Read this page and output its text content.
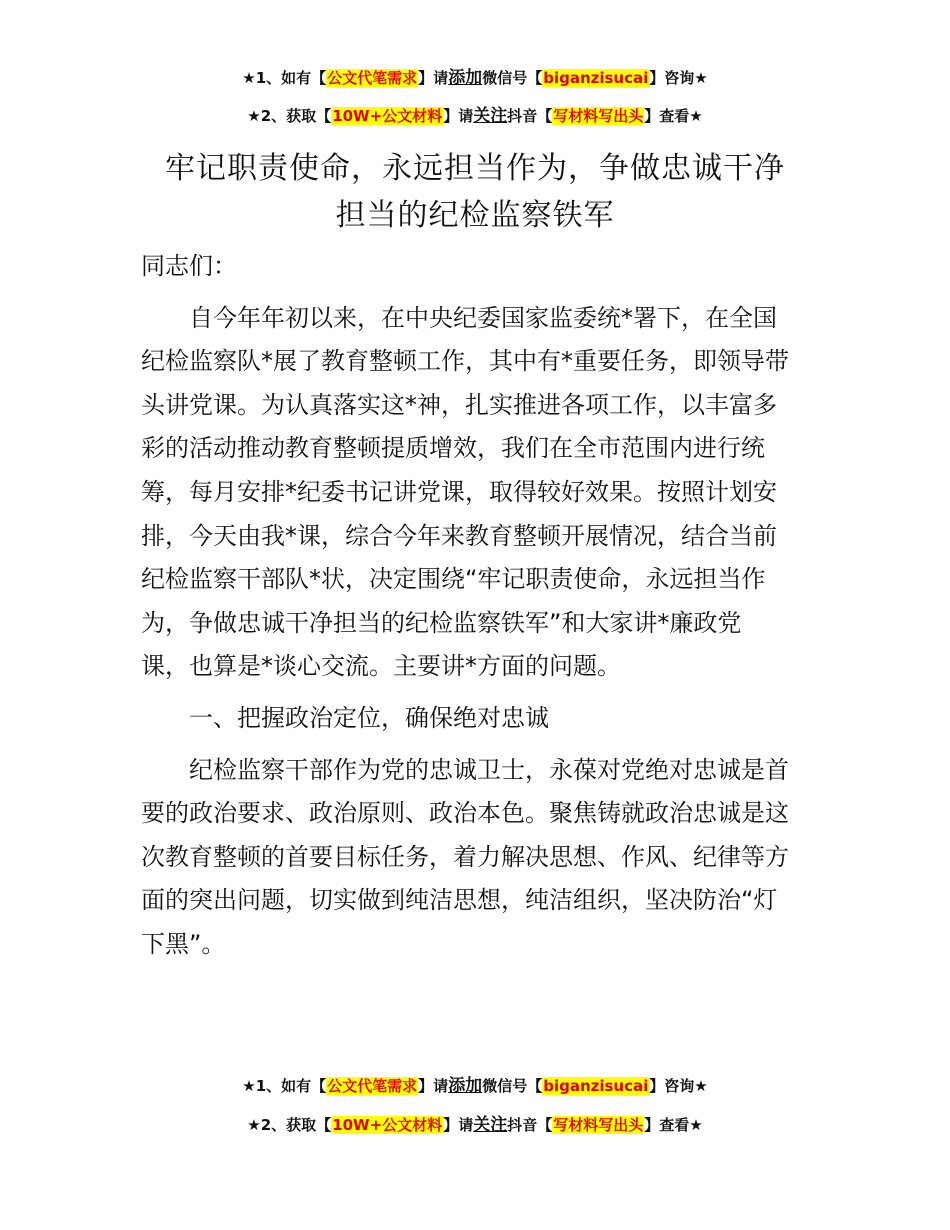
★1、如有【公文代笔需求】请添加微信号【biganzisucai】咨询★
★2、获取【10W+公文材料】请关注抖音【写材料写出头】查看★
牢记职责使命，永远担当作为，争做忠诚干净
担当的纪检监察铁军
同志们：
自今年年初以来，在中央纪委国家监委统*署下，在全国
纪检监察队*展了教育整顿工作，其中有*重要任务，即领导带
头讲党课。为认真落实这*神，扎实推进各项工作，以丰富多
彩的活动推动教育整顿提质增效，我们在全市范围内进行统
筹，每月安排*纪委书记讲党课，取得较好效果。按照计划安
排，今天由我*课，综合今年来教育整顿开展情况，结合当前
纪检监察干部队*状，决定围绕“牢记职责使命，永远担当作
为，争做忠诚干净担当的纪检监察铁军”和大家讲*廉政党
课，也算是*谈心交流。主要讲*方面的问题。
一、把握政治定位，确保绝对忠诚
纪检监察干部作为党的忠诚卫士，永葆对党绝对忠诚是首
要的政治要求、政治原则、政治本色。聚焦铸就政治忠诚是这
次教育整顿的首要目标任务，着力解决思想、作风、纪律等方
面的突出问题，切实做到纯洁思想，纯洁组织，坚决防治“灯
下黑”。
★1、如有【公文代笔需求】请添加微信号【biganzisucai】咨询★
★2、获取【10W+公文材料】请关注抖音【写材料写出头】查看★
